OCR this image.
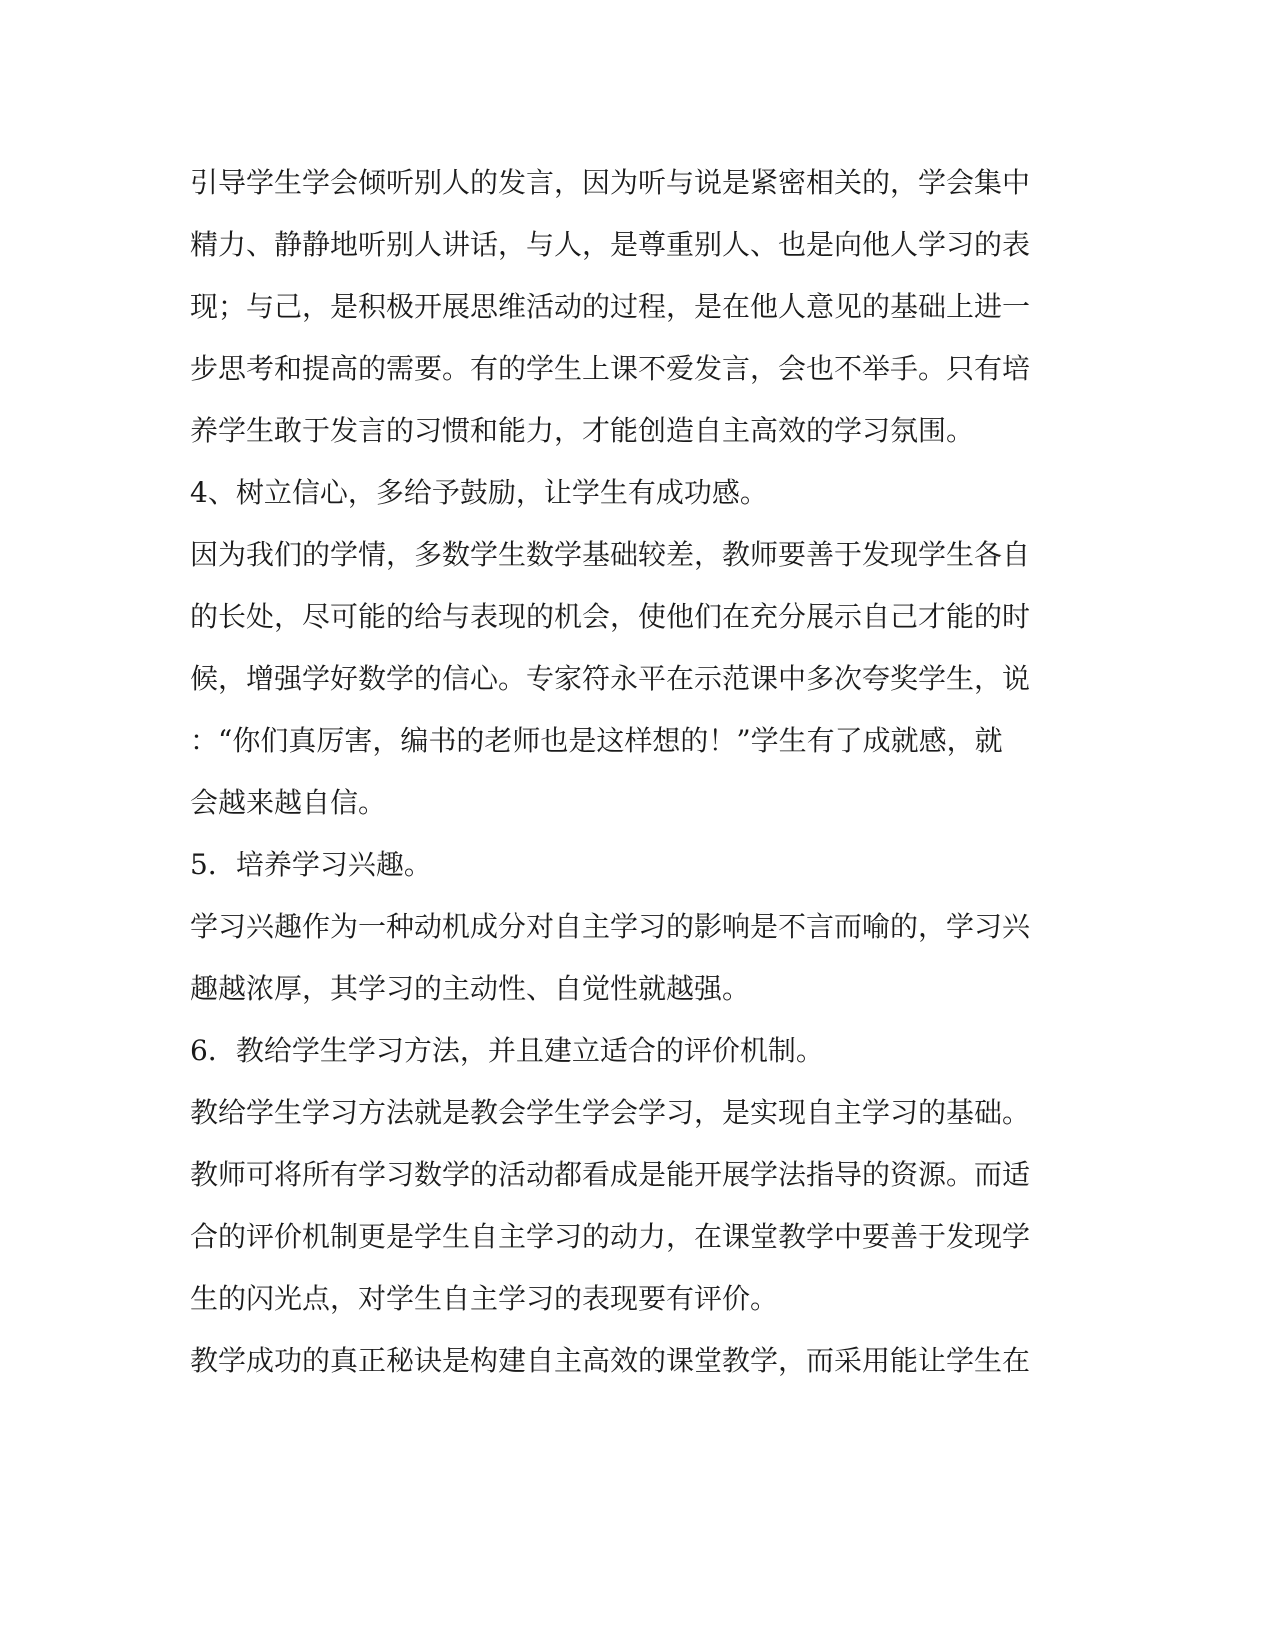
引导学生学会倾听别人的发言，因为听与说是紧密相关的，学会集中
精力、静静地听别人讲话，与人，是尊重别人、也是向他人学习的表
现；与己，是积极开展思维活动的过程，是在他人意见的基础上进一
步思考和提高的需要。有的学生上课不爱发言，会也不举手。只有培
养学生敢于发言的习惯和能力，才能创造自主高效的学习氛围。
4、树立信心，多给予鼓励，让学生有成功感。
因为我们的学情，多数学生数学基础较差，教师要善于发现学生各自
的长处，尽可能的给与表现的机会，使他们在充分展示自己才能的时
候，增强学好数学的信心。专家符永平在示范课中多次夸奖学生，说
：“你们真厉害，编书的老师也是这样想的！”学生有了成就感，就
会越来越自信。
5．培养学习兴趣。
学习兴趣作为一种动机成分对自主学习的影响是不言而喻的，学习兴
趣越浓厚，其学习的主动性、自觉性就越强。
6．教给学生学习方法，并且建立适合的评价机制。
教给学生学习方法就是教会学生学会学习，是实现自主学习的基础。
教师可将所有学习数学的活动都看成是能开展学法指导的资源。而适
合的评价机制更是学生自主学习的动力，在课堂教学中要善于发现学
生的闪光点，对学生自主学习的表现要有评价。
教学成功的真正秘诀是构建自主高效的课堂教学，而采用能让学生在
